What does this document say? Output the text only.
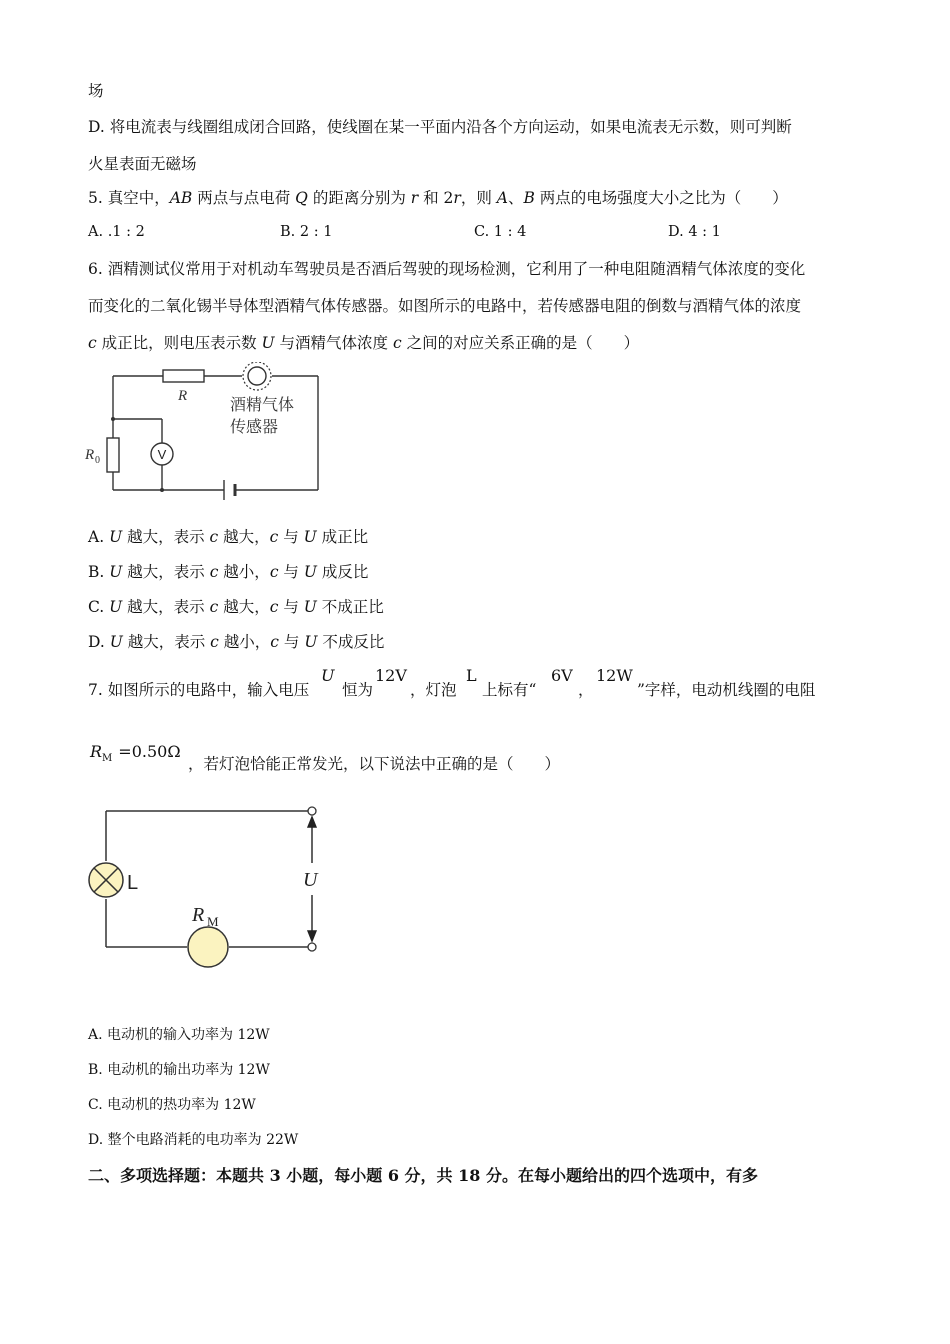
场
D. 将电流表与线圈组成闭合回路，使线圈在某一平面内沿各个方向运动，如果电流表无示数，则可判断
火星表面无磁场
5. 真空中，AB 两点与点电荷 Q 的距离分别为 r 和 2r，则 A、B 两点的电场强度大小之比为（　　）
A. .1 : 2	B. 2 : 1	C. 1 : 4	D. 4 : 1
6. 酒精测试仪常用于对机动车驾驶员是否酒后驾驶的现场检测，它利用了一种电阻随酒精气体浓度的变化
而变化的二氧化锡半导体型酒精气体传感器。如图所示的电路中，若传感器电阻的倒数与酒精气体的浓度
c 成正比，则电压表示数 U 与酒精气体浓度 c 之间的对应关系正确的是（　　）
V
R
R 0
酒精气体
传感器
A. U 越大，表示 c 越大，c 与 U 成正比
B. U 越大，表示 c 越小，c 与 U 成反比
C. U 越大，表示 c 越大，c 与 U 不成正比
D. U 越大，表示 c 越小，c 与 U 不成反比
7. 如图所示的电路中，输入电压
U
恒为
12V
，灯泡
L
上标有“
6V
，
12W
”字样，电动机线圈的电阻
$R_M =0.50\Omega$
，若灯泡恰能正常发光，以下说法中正确的是（　　）
U
L
R M
A. 电动机的输入功率为 12W
B. 电动机的输出功率为 12W
C. 电动机的热功率为 12W
D. 整个电路消耗的电功率为 22W
二、多项选择题：本题共 3 小题，每小题 6 分，共 18 分。在每小题给出的四个选项中，有多
